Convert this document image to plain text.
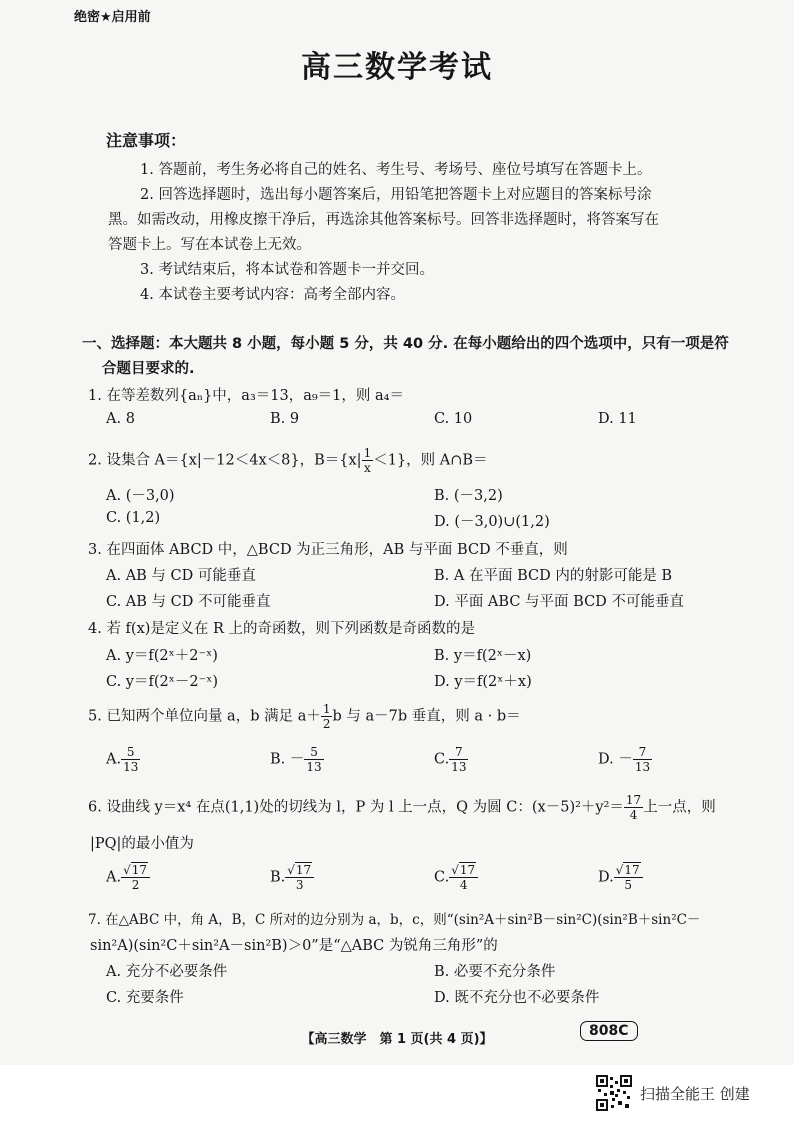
绝密★启用前
高三数学考试
注意事项：
1. 答题前，考生务必将自己的姓名、考生号、考场号、座位号填写在答题卡上。
2. 回答选择题时，选出每小题答案后，用铅笔把答题卡上对应题目的答案标号涂
黑。如需改动，用橡皮擦干净后，再选涂其他答案标号。回答非选择题时，将答案写在
答题卡上。写在本试卷上无效。
3. 考试结束后，将本试卷和答题卡一并交回。
4. 本试卷主要考试内容：高考全部内容。
一、选择题：本大题共 8 小题，每小题 5 分，共 40 分. 在每小题给出的四个选项中，只有一项是符
合题目要求的.
1. 在等差数列{aₙ}中，a₃＝13，a₉＝1，则 a₄＝
A. 8	B. 9	C. 10	D. 11
2. 设集合 A＝{x|－12＜4x＜8}，$B=\{x| \frac{1}{x} <1\}$，则 A∩B＝
A. (－3,0)	B. (－3,2)
C. (1,2)	D. (－3,0)∪(1,2)
3. 在四面体 ABCD 中，△BCD 为正三角形，AB 与平面 BCD 不垂直，则
A. AB 与 CD 可能垂直	B. A 在平面 BCD 内的射影可能是 B
C. AB 与 CD 不可能垂直	D. 平面 ABC 与平面 BCD 不可能垂直
4. 若 f(x)是定义在 R 上的奇函数，则下列函数是奇函数的是
A. y＝f(2ˣ＋2⁻ˣ)	B. y＝f(2ˣ－x)
C. y＝f(2ˣ－2⁻ˣ)	D. y＝f(2ˣ＋x)
5. 已知两个单位向量 a，b 满足 $a+ \frac{1}{2}$ b 与 a－7b 垂直，则 a · b＝
A. $\frac{5}{13}$	B. － $\frac{5}{13}$	C. $\frac{7}{13}$	D. － $\frac{7}{13}$
6. 设曲线 y＝x⁴ 在点(1,1)处的切线为 l，P 为 l 上一点，Q 为圆 C：$(x-5)^2+y^2= \frac{17}{4}$ 上一点，则
|PQ|的最小值为
A. $\frac{√17}{2}$	B. $\frac{√17}{3}$	C. $\frac{√17}{4}$	D. $\frac{√17}{5}$
7. 在△ABC 中，角 A，B，C 所对的边分别为 a，b，c，则“(sin²A＋sin²B－sin²C)(sin²B＋sin²C－
sin²A)(sin²C＋sin²A－sin²B)＞0”是“△ABC 为锐角三角形”的
A. 充分不必要条件	B. 必要不充分条件
C. 充要条件	D. 既不充分也不必要条件
【高三数学　第 1 页(共 4 页)】
808C
扫描全能王 创建
